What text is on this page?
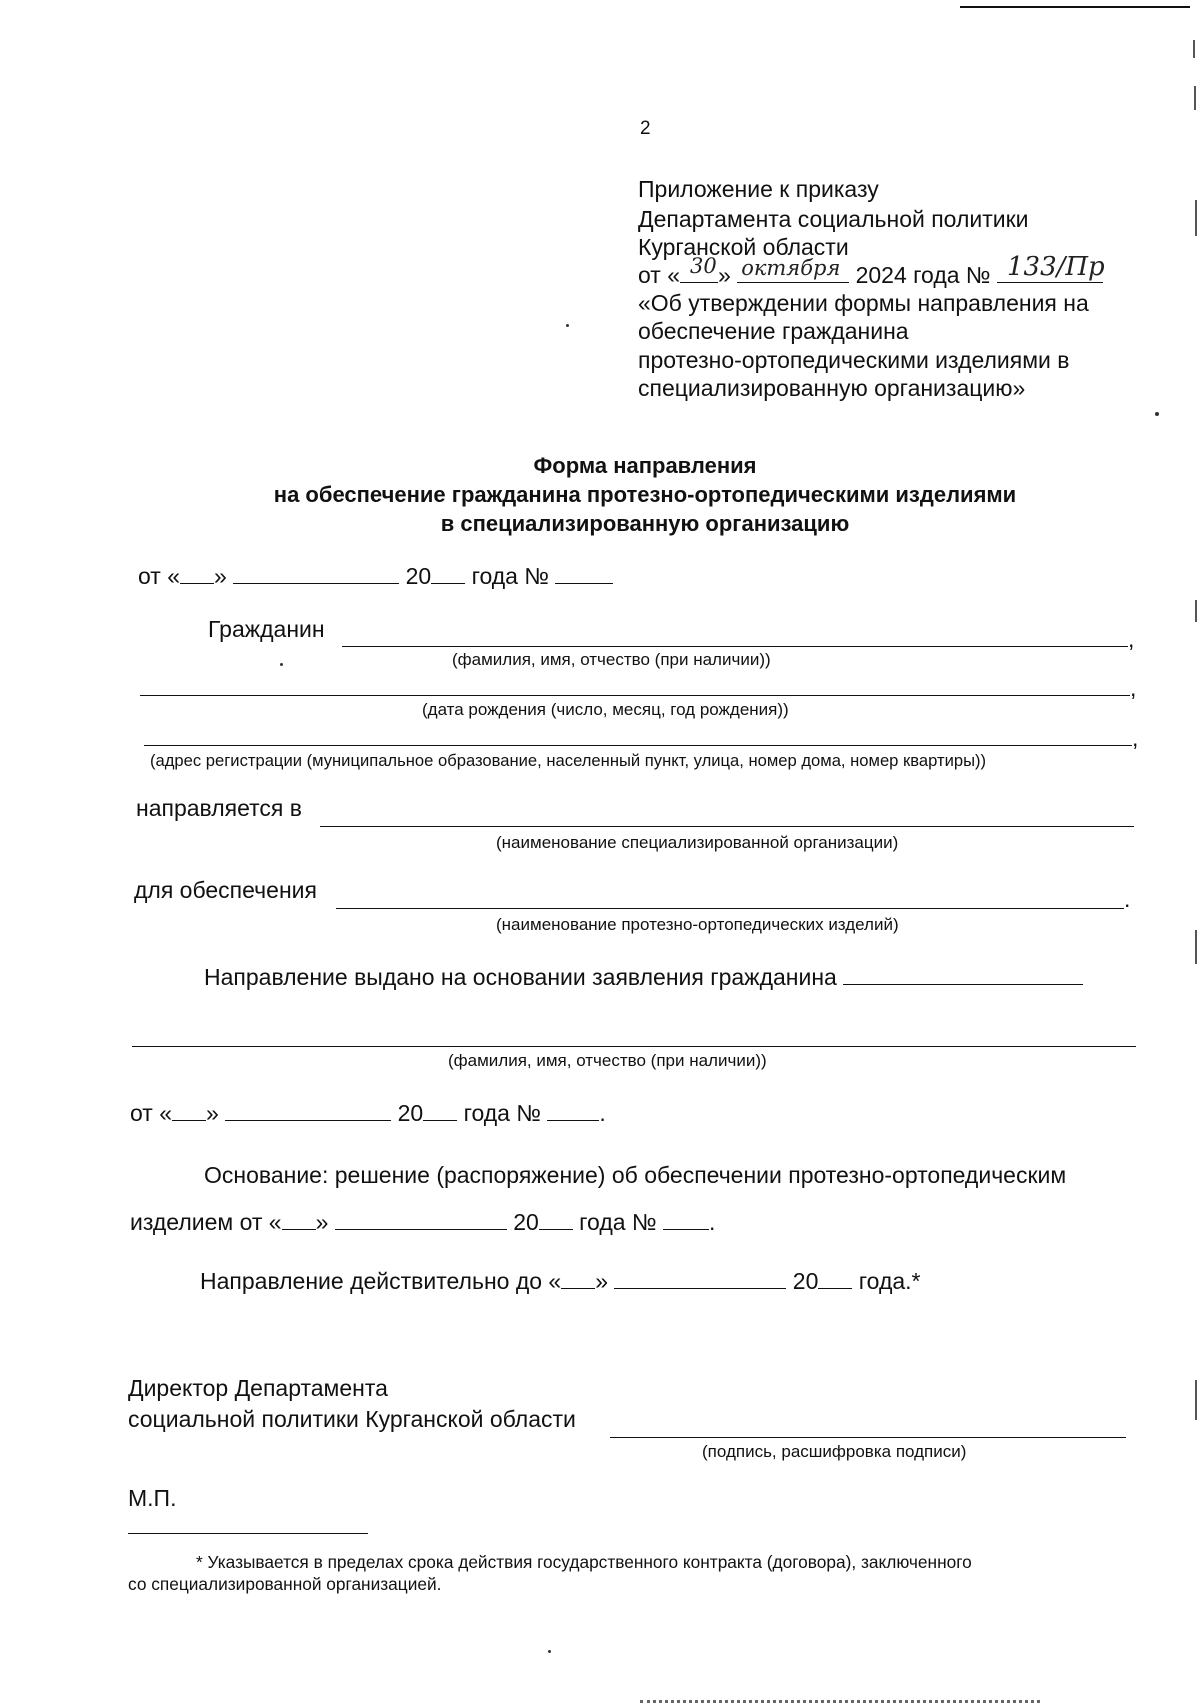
2
Приложение к приказу
Департамента социальной политики
Курганской области
от « 30 » октября 2024 года № 133/Пр
«Об утверждении формы направления на
обеспечение гражданина
протезно-ортопедическими изделиями в
специализированную организацию»
Форма направления
на обеспечение гражданина протезно-ортопедическими изделиями
в специализированную организацию
от « »	20 года №
Гражданин	,
(фамилия, имя, отчество (при наличии))
,
(дата рождения (число, месяц, год рождения))
,
(адрес регистрации (муниципальное образование, населенный пункт, улица, номер дома, номер квартиры))
направляется в
(наименование специализированной организации)
для обеспечения	.
(наименование протезно-ортопедических изделий)
Направление выдано на основании заявления гражданина
(фамилия, имя, отчество (при наличии))
от « »	20 года №	.
Основание: решение (распоряжение) об обеспечении протезно-ортопедическим
изделием от « »	20 года № .
Направление действительно до « »	20 года.*
Директор Департамента
социальной политики Курганской области
(подпись, расшифровка подписи)
М.П.
* Указывается в пределах срока действия государственного контракта (договора), заключенного
со специализированной организацией.
